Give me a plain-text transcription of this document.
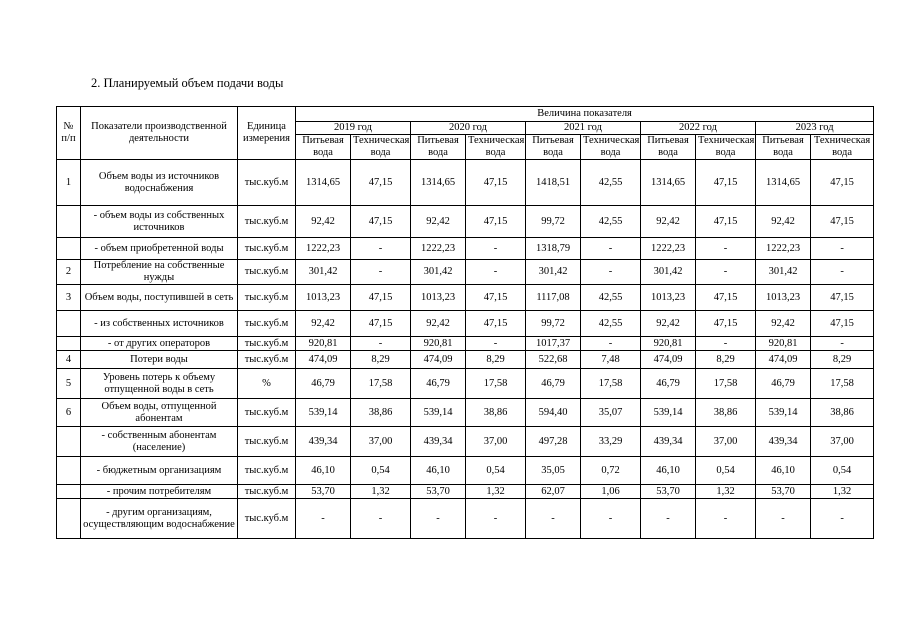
2. Планируемый объем подачи воды
№ п/п	Показатели производственной деятельности	Единица измерения	Величина показателя									
			2019 год		2020 год		2021 год		2022 год		2023 год	
			Питьевая вода	Техническая вода	Питьевая вода	Техническая вода	Питьевая вода	Техническая вода	Питьевая вода	Техническая вода	Питьевая вода	Техническая вода
1	Объем воды из источников водоснабжения	тыс.куб.м	1314,65	47,15	1314,65	47,15	1418,51	42,55	1314,65	47,15	1314,65	47,15
	- объем воды из собственных источников	тыс.куб.м	92,42	47,15	92,42	47,15	99,72	42,55	92,42	47,15	92,42	47,15
	- объем приобретенной воды	тыс.куб.м	1222,23	-	1222,23	-	1318,79	-	1222,23	-	1222,23	-
2	Потребление на собственные нужды	тыс.куб.м	301,42	-	301,42	-	301,42	-	301,42	-	301,42	-
3	Объем воды, поступившей в сеть	тыс.куб.м	1013,23	47,15	1013,23	47,15	1117,08	42,55	1013,23	47,15	1013,23	47,15
	- из собственных источников	тыс.куб.м	92,42	47,15	92,42	47,15	99,72	42,55	92,42	47,15	92,42	47,15
	- от других операторов	тыс.куб.м	920,81	-	920,81	-	1017,37	-	920,81	-	920,81	-
4	Потери воды	тыс.куб.м	474,09	8,29	474,09	8,29	522,68	7,48	474,09	8,29	474,09	8,29
5	Уровень потерь к объему отпущенной воды в сеть	%	46,79	17,58	46,79	17,58	46,79	17,58	46,79	17,58	46,79	17,58
6	Объем воды, отпущенной абонентам	тыс.куб.м	539,14	38,86	539,14	38,86	594,40	35,07	539,14	38,86	539,14	38,86
	- собственным абонентам (население)	тыс.куб.м	439,34	37,00	439,34	37,00	497,28	33,29	439,34	37,00	439,34	37,00
	- бюджетным организациям	тыс.куб.м	46,10	0,54	46,10	0,54	35,05	0,72	46,10	0,54	46,10	0,54
	- прочим потребителям	тыс.куб.м	53,70	1,32	53,70	1,32	62,07	1,06	53,70	1,32	53,70	1,32
	- другим организациям, осуществляющим водоснабжение	тыс.куб.м	-	-	-	-	-	-	-	-	-	-
